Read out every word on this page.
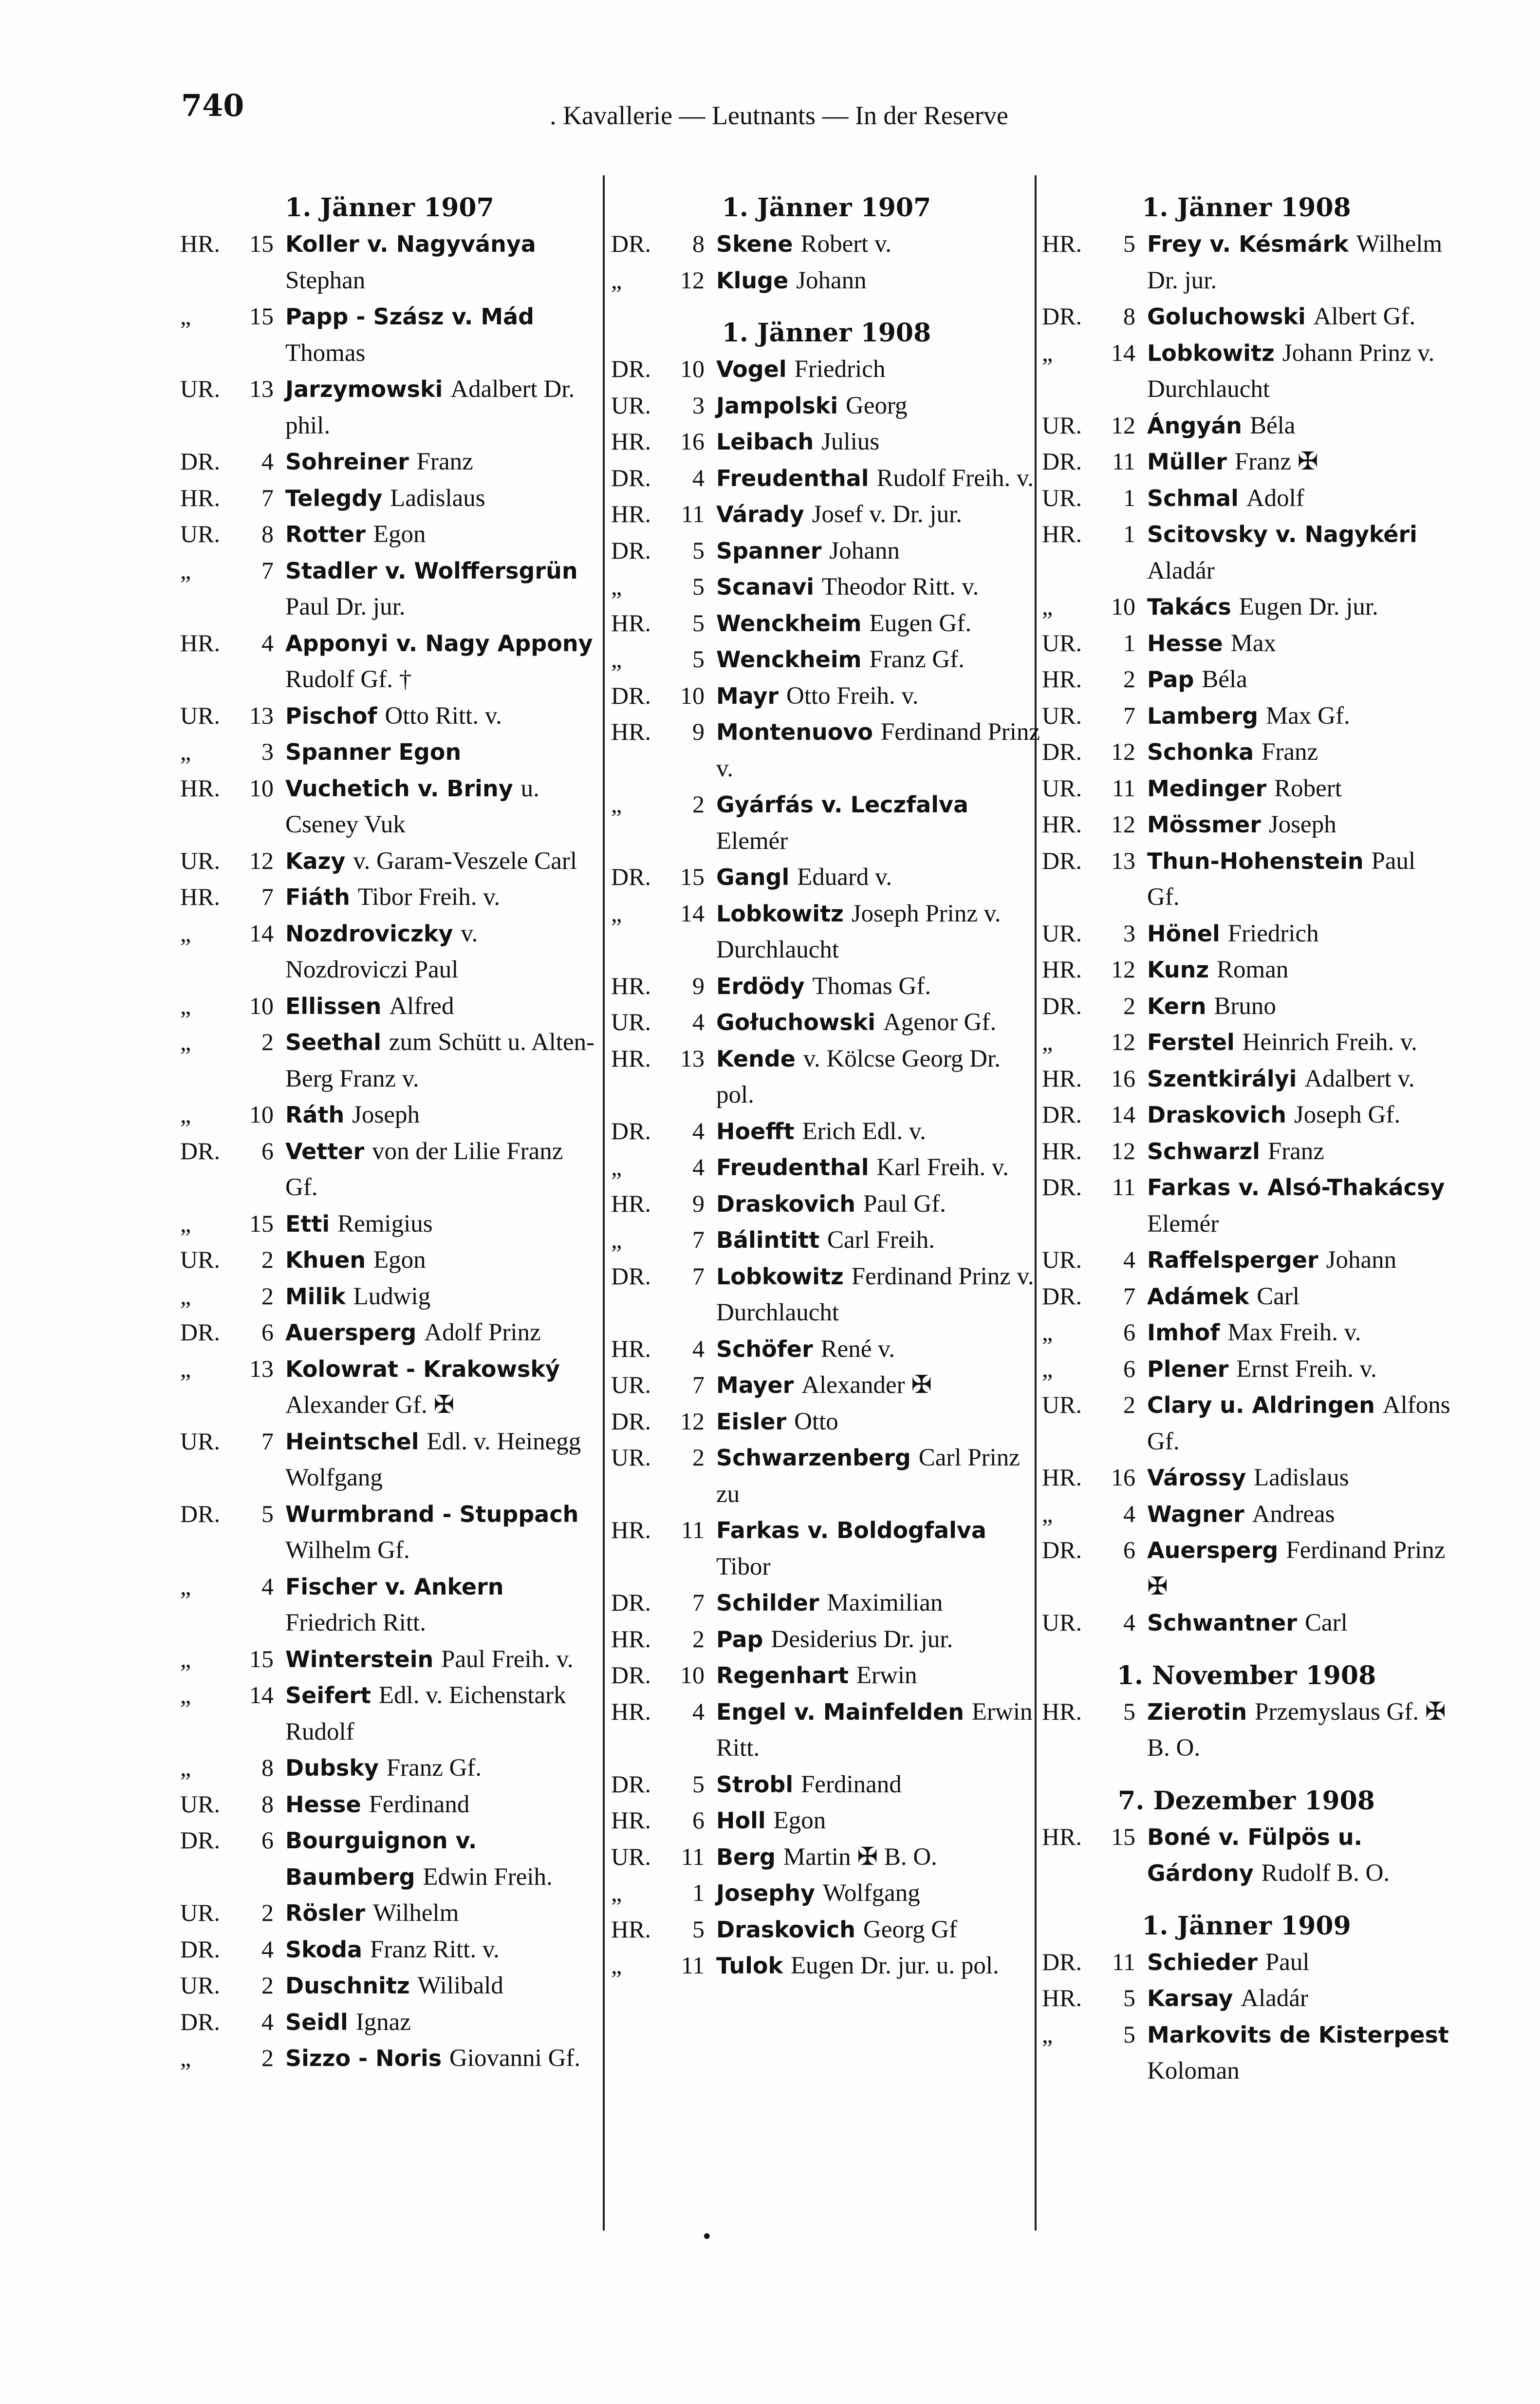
740	. Kavallerie — Leutnants — In der Reserve
1. Jänner 1907
HR.	15 Koller v. Nagyványa Stephan
„	15 Papp - Szász v. Mád Thomas
UR.	13 Jarzymowski Adalbert Dr. phil.
DR.	4 Sohreiner Franz
HR.	7 Telegdy Ladislaus
UR.	8 Rotter Egon
„	7 Stadler v. Wolffersgrün Paul Dr. jur.
HR.	4 Apponyi v. Nagy Appony Rudolf Gf. †
UR.	13 Pischof Otto Ritt. v.
„	3 Spanner Egon
HR.	10 Vuchetich v. Briny u. Cseney Vuk
UR.	12 Kazy v. Garam-Veszele Carl
HR.	7 Fiáth Tibor Freih. v.
„	14 Nozdroviczky v. Nozdroviczi Paul
„	10 Ellissen Alfred
„	2 Seethal zum Schütt u. Alten-Berg Franz v.
„	10 Ráth Joseph
DR.	6 Vetter von der Lilie Franz Gf.
„	15 Etti Remigius
UR.	2 Khuen Egon
„	2 Milik Ludwig
DR.	6 Auersperg Adolf Prinz
„	13 Kolowrat - Krakowský Alexander Gf. ✠
UR.	7 Heintschel Edl. v. Heinegg Wolfgang
DR.	5 Wurmbrand - Stuppach Wilhelm Gf.
„	4 Fischer v. Ankern Friedrich Ritt.
„	15 Winterstein Paul Freih. v.
„	14 Seifert Edl. v. Eichenstark Rudolf
„	8 Dubsky Franz Gf.
UR.	8 Hesse Ferdinand
DR.	6 Bourguignon v. Baumberg Edwin Freih.
UR.	2 Rösler Wilhelm
DR.	4 Skoda Franz Ritt. v.
UR.	2 Duschnitz Wilibald
DR.	4 Seidl Ignaz
„	2 Sizzo - Noris Giovanni Gf.
1. Jänner 1907
DR.	8 Skene Robert v.
„	12 Kluge Johann
1. Jänner 1908
DR.	10 Vogel Friedrich
UR.	3 Jampolski Georg
HR.	16 Leibach Julius
DR.	4 Freudenthal Rudolf Freih. v.
HR.	11 Várady Josef v. Dr. jur.
DR.	5 Spanner Johann
„	5 Scanavi Theodor Ritt. v.
HR.	5 Wenckheim Eugen Gf.
„	5 Wenckheim Franz Gf.
DR.	10 Mayr Otto Freih. v.
HR.	9 Montenuovo Ferdinand Prinz v.
„	2 Gyárfás v. Leczfalva Elemér
DR.	15 Gangl Eduard v.
„	14 Lobkowitz Joseph Prinz v. Durchlaucht
HR.	9 Erdödy Thomas Gf.
UR.	4 Gołuchowski Agenor Gf.
HR.	13 Kende v. Kölcse Georg Dr. pol.
DR.	4 Hoefft Erich Edl. v.
„	4 Freudenthal Karl Freih. v.
HR.	9 Draskovich Paul Gf.
„	7 Bálintitt Carl Freih.
DR.	7 Lobkowitz Ferdinand Prinz v. Durchlaucht
HR.	4 Schöfer René v.
UR.	7 Mayer Alexander ✠
DR.	12 Eisler Otto
UR.	2 Schwarzenberg Carl Prinz zu
HR.	11 Farkas v. Boldogfalva Tibor
DR.	7 Schilder Maximilian
HR.	2 Pap Desiderius Dr. jur.
DR.	10 Regenhart Erwin
HR.	4 Engel v. Mainfelden Erwin Ritt.
DR.	5 Strobl Ferdinand
HR.	6 Holl Egon
UR.	11 Berg Martin ✠ B. O.
„	1 Josephy Wolfgang
HR.	5 Draskovich Georg Gf
„	11 Tulok Eugen Dr. jur. u. pol.
1. Jänner 1908
HR.	5 Frey v. Késmárk Wilhelm Dr. jur.
DR.	8 Goluchowski Albert Gf.
„	14 Lobkowitz Johann Prinz v. Durchlaucht
UR.	12 Ángyán Béla
DR.	11 Müller Franz ✠
UR.	1 Schmal Adolf
HR.	1 Scitovsky v. Nagykéri Aladár
„	10 Takács Eugen Dr. jur.
UR.	1 Hesse Max
HR.	2 Pap Béla
UR.	7 Lamberg Max Gf.
DR.	12 Schonka Franz
UR.	11 Medinger Robert
HR.	12 Mössmer Joseph
DR.	13 Thun-Hohenstein Paul Gf.
UR.	3 Hönel Friedrich
HR.	12 Kunz Roman
DR.	2 Kern Bruno
„	12 Ferstel Heinrich Freih. v.
HR.	16 Szentkirályi Adalbert v.
DR.	14 Draskovich Joseph Gf.
HR.	12 Schwarzl Franz
DR.	11 Farkas v. Alsó-Thakácsy Elemér
UR.	4 Raffelsperger Johann
DR.	7 Adámek Carl
„	6 Imhof Max Freih. v.
„	6 Plener Ernst Freih. v.
UR.	2 Clary u. Aldringen Alfons Gf.
HR.	16 Várossy Ladislaus
„	4 Wagner Andreas
DR.	6 Auersperg Ferdinand Prinz ✠
UR.	4 Schwantner Carl
1. November 1908
HR.	5 Zierotin Przemyslaus Gf. ✠ B. O.
7. Dezember 1908
HR.	15 Boné v. Fülpös u. Gárdony Rudolf B. O.
1. Jänner 1909
DR.	11 Schieder Paul
HR.	5 Karsay Aladár
„	5 Markovits de Kisterpest Koloman
•
